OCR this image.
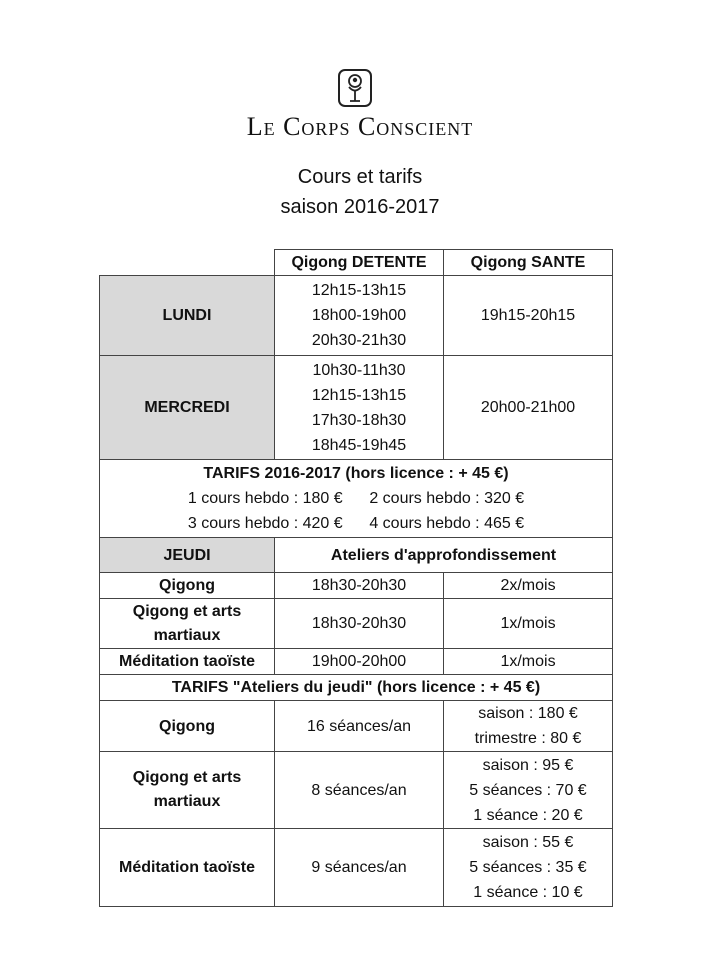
Le Corps Conscient
Cours et tarifs
saison 2016-2017
	Qigong DETENTE	Qigong SANTE
LUNDI	12h15-13h15
18h00-19h00
20h30-21h30	19h15-20h15
MERCREDI	10h30-11h30
12h15-13h15
17h30-18h30
18h45-19h45	20h00-21h00

TARIFS 2016-2017 (hors licence : + 45 €)
1 cours hebdo : 180 €      2 cours hebdo : 320 €
3 cours hebdo : 420 €      4 cours hebdo : 465 €		

JEUDI	Ateliers d'approfondissement	
Qigong	18h30-20h30	2x/mois
Qigong et arts martiaux	18h30-20h30	1x/mois
Méditation taoïste	19h00-20h00	1x/mois
TARIFS "Ateliers du jeudi" (hors licence : + 45 €)		
Qigong	16 séances/an	saison : 180 €
trimestre : 80 €

Qigong et arts martiaux	8 séances/an	saison : 95 €
5 séances : 70 €
1 séance : 20 €

Méditation taoïste	9 séances/an	saison : 55 €
5 séances : 35 €
1 séance : 10 €
